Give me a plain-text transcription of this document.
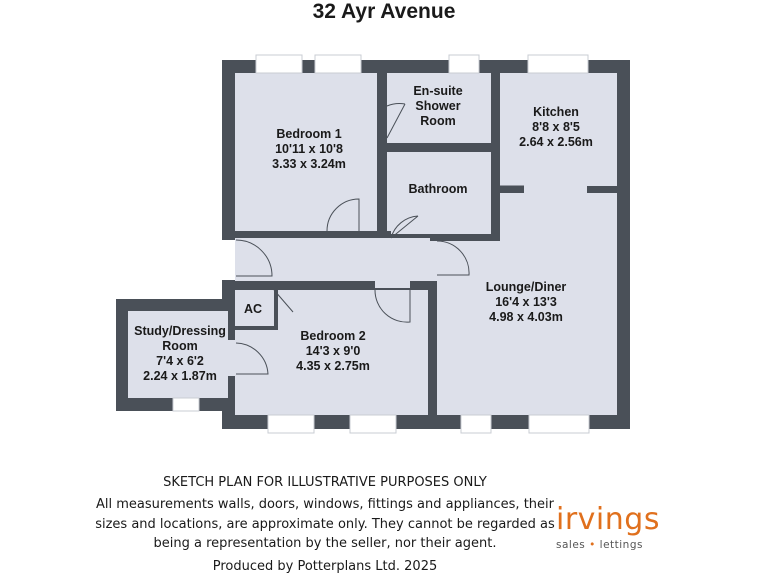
32 Ayr Avenue
Bedroom 1
10'11 x 10'8
3.33 x 3.24m
En-suite
Shower
Room
Kitchen
8'8 x 8'5
2.64 x 2.56m
Bathroom
Lounge/Diner
16'4 x 13'3
4.98 x 4.03m
Bedroom 2
14'3 x 9'0
4.35 x 2.75m
Study/Dressing
Room
7'4 x 6'2
2.24 x 1.87m
AC
SKETCH PLAN FOR ILLUSTRATIVE PURPOSES ONLY
All measurements walls, doors, windows, fittings and appliances, their
sizes and locations, are approximate only. They cannot be regarded as
being a representation by the seller, nor their agent.
Produced by Potterplans Ltd. 2025
irvings
sales • lettings
